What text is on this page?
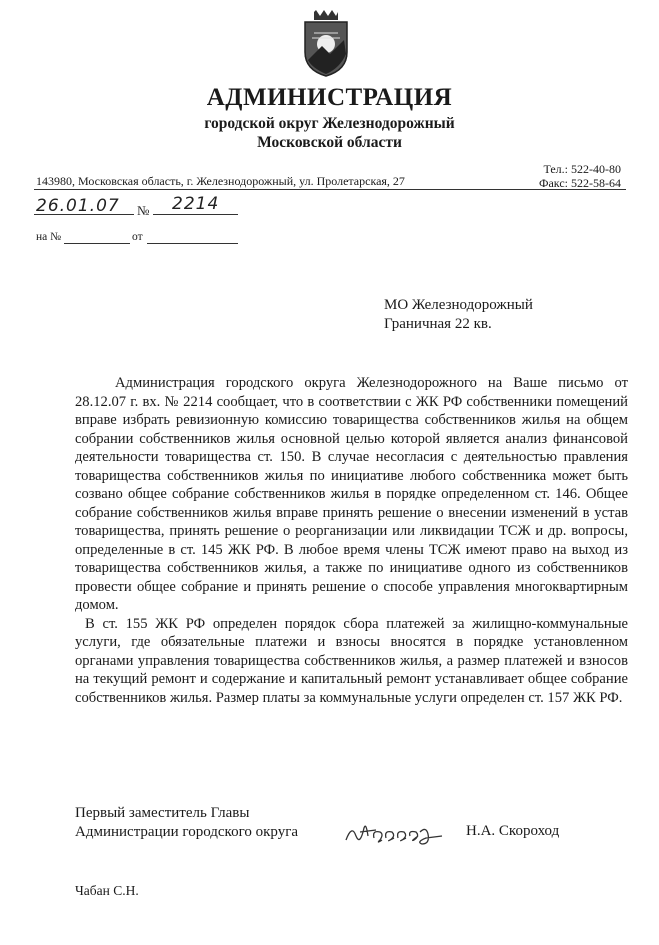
АДМИНИСТРАЦИЯ
городской округ Железнодорожный
Московской области
Тел.: 522-40-80
Факс: 522-58-64
143980, Московская область, г. Железнодорожный, ул. Пролетарская, 27
26.01.07 № 2214
на №	от
МО Железнодорожный
Граничная 22 кв.

Администрация городского округа Железнодорожного на Ваше письмо от 28.12.07 г. вх. № 2214 сообщает, что в соответствии с ЖК РФ собственники помещений вправе избрать ревизионную комиссию товарищества собственников жилья на общем собрании собственников жилья основной целью которой является анализ финансовой деятельности товарищества ст. 150. В случае несогласия с деятельностью правления товарищества собственников жилья по инициативе любого собственника может быть созвано общее собрание собственников жилья в порядке определенном ст. 146. Общее собрание собственников жилья вправе принять решение о внесении изменений в устав товарищества, принять решение о реорганизации или ликвидации ТСЖ и др. вопросы, определенные в ст. 145 ЖК РФ. В любое время члены ТСЖ имеют право на выход из товарищества собственников жилья, а также по инициативе одного из собственников провести общее собрание и принять решение о способе управления многоквартирным домом.

В ст. 155 ЖК РФ определен порядок сбора платежей за жилищно-коммунальные услуги, где обязательные платежи и взносы вносятся в порядке установленном органами управления товарищества собственников жилья, а размер платежей и взносов на текущий ремонт и содержание и капитальный ремонт устанавливает общее собрание собственников жилья. Размер платы за коммунальные услуги определен ст. 157 ЖК РФ.

Первый заместитель Главы
Администрации городского округа	Н.А. Скороход
Чабан С.Н.
